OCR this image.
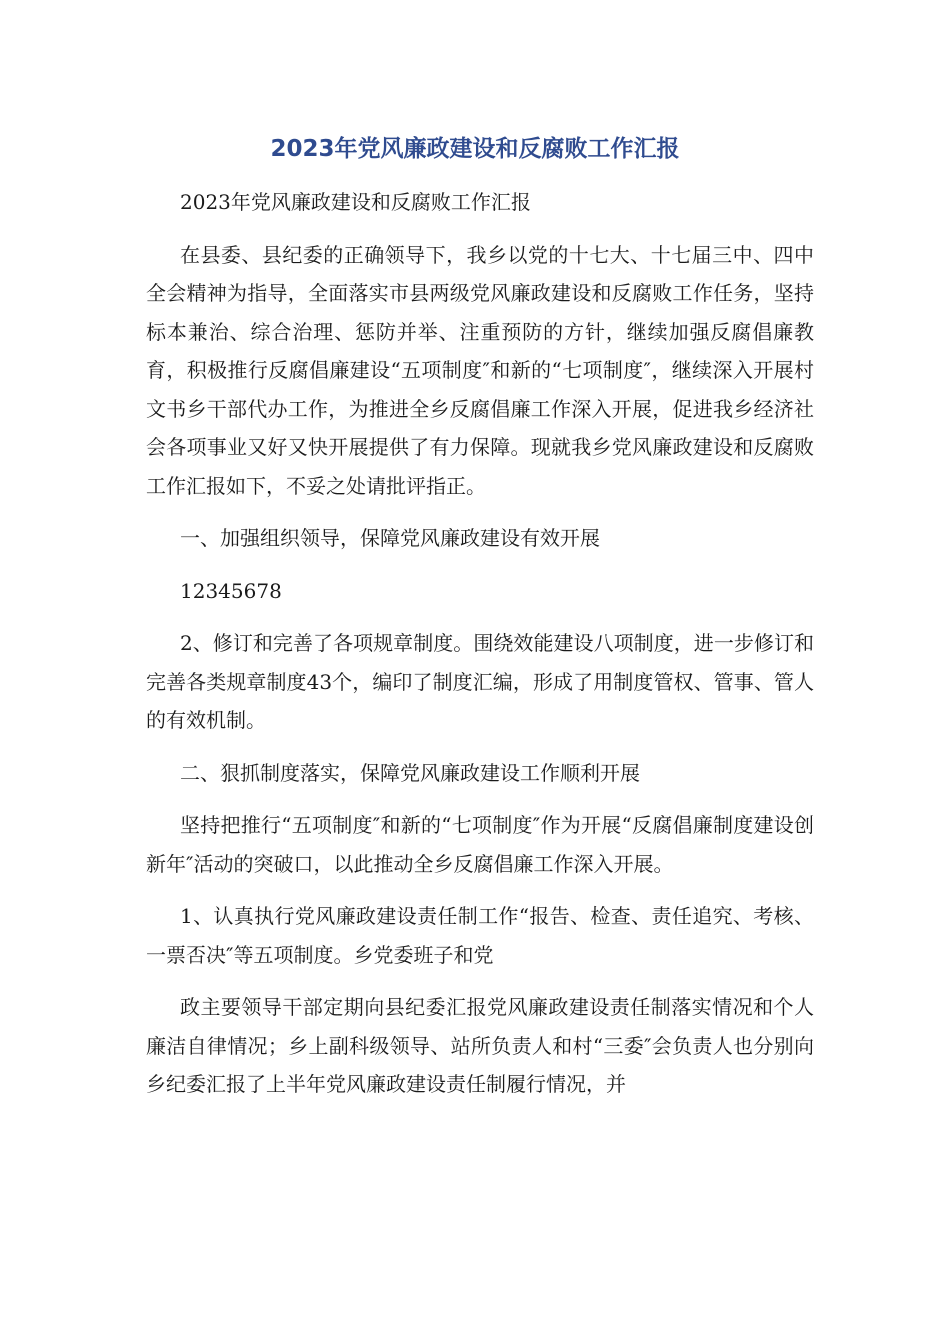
2023年党风廉政建设和反腐败工作汇报

2023年党风廉政建设和反腐败工作汇报

在县委、县纪委的正确领导下，我乡以党的十七大、十七届三中、四中全会精神为指导，全面落实市县两级党风廉政建设和反腐败工作任务，坚持标本兼治、综合治理、惩防并举、注重预防的方针，继续加强反腐倡廉教育，积极推行反腐倡廉建设“五项制度″和新的“七项制度″，继续深入开展村文书乡干部代办工作，为推进全乡反腐倡廉工作深入开展，促进我乡经济社会各项事业又好又快开展提供了有力保障。现就我乡党风廉政建设和反腐败工作汇报如下，不妥之处请批评指正。

一、加强组织领导，保障党风廉政建设有效开展

12345678

2、修订和完善了各项规章制度。围绕效能建设八项制度，进一步修订和完善各类规章制度43个，编印了制度汇编，形成了用制度管权、管事、管人的有效机制。

二、狠抓制度落实，保障党风廉政建设工作顺利开展

坚持把推行“五项制度″和新的“七项制度″作为开展“反腐倡廉制度建设创新年″活动的突破口，以此推动全乡反腐倡廉工作深入开展。

1、认真执行党风廉政建设责任制工作“报告、检查、责任追究、考核、一票否决″等五项制度。乡党委班子和党

政主要领导干部定期向县纪委汇报党风廉政建设责任制落实情况和个人廉洁自律情况；乡上副科级领导、站所负责人和村“三委″会负责人也分别向乡纪委汇报了上半年党风廉政建设责任制履行情况，并
